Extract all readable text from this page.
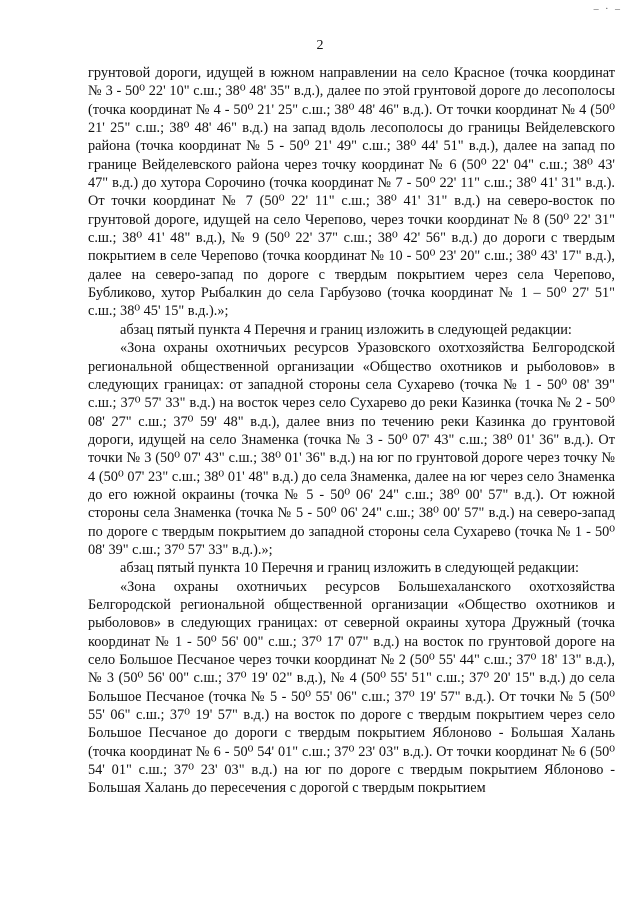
– · –
2

грунтовой дороги, идущей в южном направлении на село Красное (точка координат № 3 - 50⁰ 22' 10" с.ш.; 38⁰ 48' 35" в.д.), далее по этой грунтовой дороге до лесополосы (точка координат № 4 - 50⁰ 21' 25" с.ш.; 38⁰ 48' 46" в.д.). От точки координат № 4 (50⁰ 21' 25" с.ш.; 38⁰ 48' 46" в.д.) на запад вдоль лесополосы до границы Вейделевского района (точка координат № 5 - 50⁰ 21' 49" с.ш.; 38⁰ 44' 51" в.д.), далее на запад по границе Вейделевского района через точку координат № 6 (50⁰ 22' 04" с.ш.; 38⁰ 43' 47" в.д.) до хутора Сорочино (точка координат № 7 - 50⁰ 22' 11" с.ш.; 38⁰ 41' 31" в.д.). От точки координат № 7 (50⁰ 22' 11" с.ш.; 38⁰ 41' 31" в.д.) на северо-восток по грунтовой дороге, идущей на село Черепово, через точки координат № 8 (50⁰ 22' 31" с.ш.; 38⁰ 41' 48" в.д.), № 9 (50⁰ 22' 37" с.ш.; 38⁰ 42' 56" в.д.) до дороги с твердым покрытием в селе Черепово (точка координат № 10 - 50⁰ 23' 20" с.ш.; 38⁰ 43' 17" в.д.), далее на северо-запад по дороге с твердым покрытием через села Черепово, Бубликово, хутор Рыбалкин до села Гарбузово (точка координат № 1 – 50⁰ 27' 51" с.ш.; 38⁰ 45' 15" в.д.).»;

абзац пятый пункта 4 Перечня и границ изложить в следующей редакции:

«Зона охраны охотничьих ресурсов Уразовского охотхозяйства Белгородской региональной общественной организации «Общество охотников и рыболовов» в следующих границах: от западной стороны села Сухарево (точка № 1 - 50⁰ 08' 39" с.ш.; 37⁰ 57' 33" в.д.) на восток через село Сухарево до реки Казинка (точка № 2 - 50⁰ 08' 27" с.ш.; 37⁰ 59' 48" в.д.), далее вниз по течению реки Казинка до грунтовой дороги, идущей на село Знаменка (точка № 3 - 50⁰ 07' 43" с.ш.; 38⁰ 01' 36" в.д.). От точки № 3 (50⁰ 07' 43" с.ш.; 38⁰ 01' 36" в.д.) на юг по грунтовой дороге через точку № 4 (50⁰ 07' 23" с.ш.; 38⁰ 01' 48" в.д.) до села Знаменка, далее на юг через село Знаменка до его южной окраины (точка № 5 - 50⁰ 06' 24" с.ш.; 38⁰ 00' 57" в.д.). От южной стороны села Знаменка (точка № 5 - 50⁰ 06' 24" с.ш.; 38⁰ 00' 57" в.д.) на северо-запад по дороге с твердым покрытием до западной стороны села Сухарево (точка № 1 - 50⁰ 08' 39" с.ш.; 37⁰ 57' 33" в.д.).»;

абзац пятый пункта 10 Перечня и границ изложить в следующей редакции:

«Зона охраны охотничьих ресурсов Большехаланского охотхозяйства Белгородской региональной общественной организации «Общество охотников и рыболовов» в следующих границах: от северной окраины хутора Дружный (точка координат № 1 - 50⁰ 56' 00" с.ш.; 37⁰ 17' 07" в.д.) на восток по грунтовой дороге на село Большое Песчаное через точки координат № 2 (50⁰ 55' 44" с.ш.; 37⁰ 18' 13" в.д.), № 3 (50⁰ 56' 00" с.ш.; 37⁰ 19' 02" в.д.), № 4 (50⁰ 55' 51" с.ш.; 37⁰ 20' 15" в.д.) до села Большое Песчаное (точка № 5 - 50⁰ 55' 06" с.ш.; 37⁰ 19' 57" в.д.). От точки № 5 (50⁰ 55' 06" с.ш.; 37⁰ 19' 57" в.д.) на восток по дороге с твердым покрытием через село Большое Песчаное до дороги с твердым покрытием Яблоново - Большая Халань (точка координат № 6 - 50⁰ 54' 01" с.ш.; 37⁰ 23' 03" в.д.). От точки координат № 6 (50⁰ 54' 01" с.ш.; 37⁰ 23' 03" в.д.) на юг по дороге с твердым покрытием Яблоново - Большая Халань до пересечения с дорогой с твердым покрытием
